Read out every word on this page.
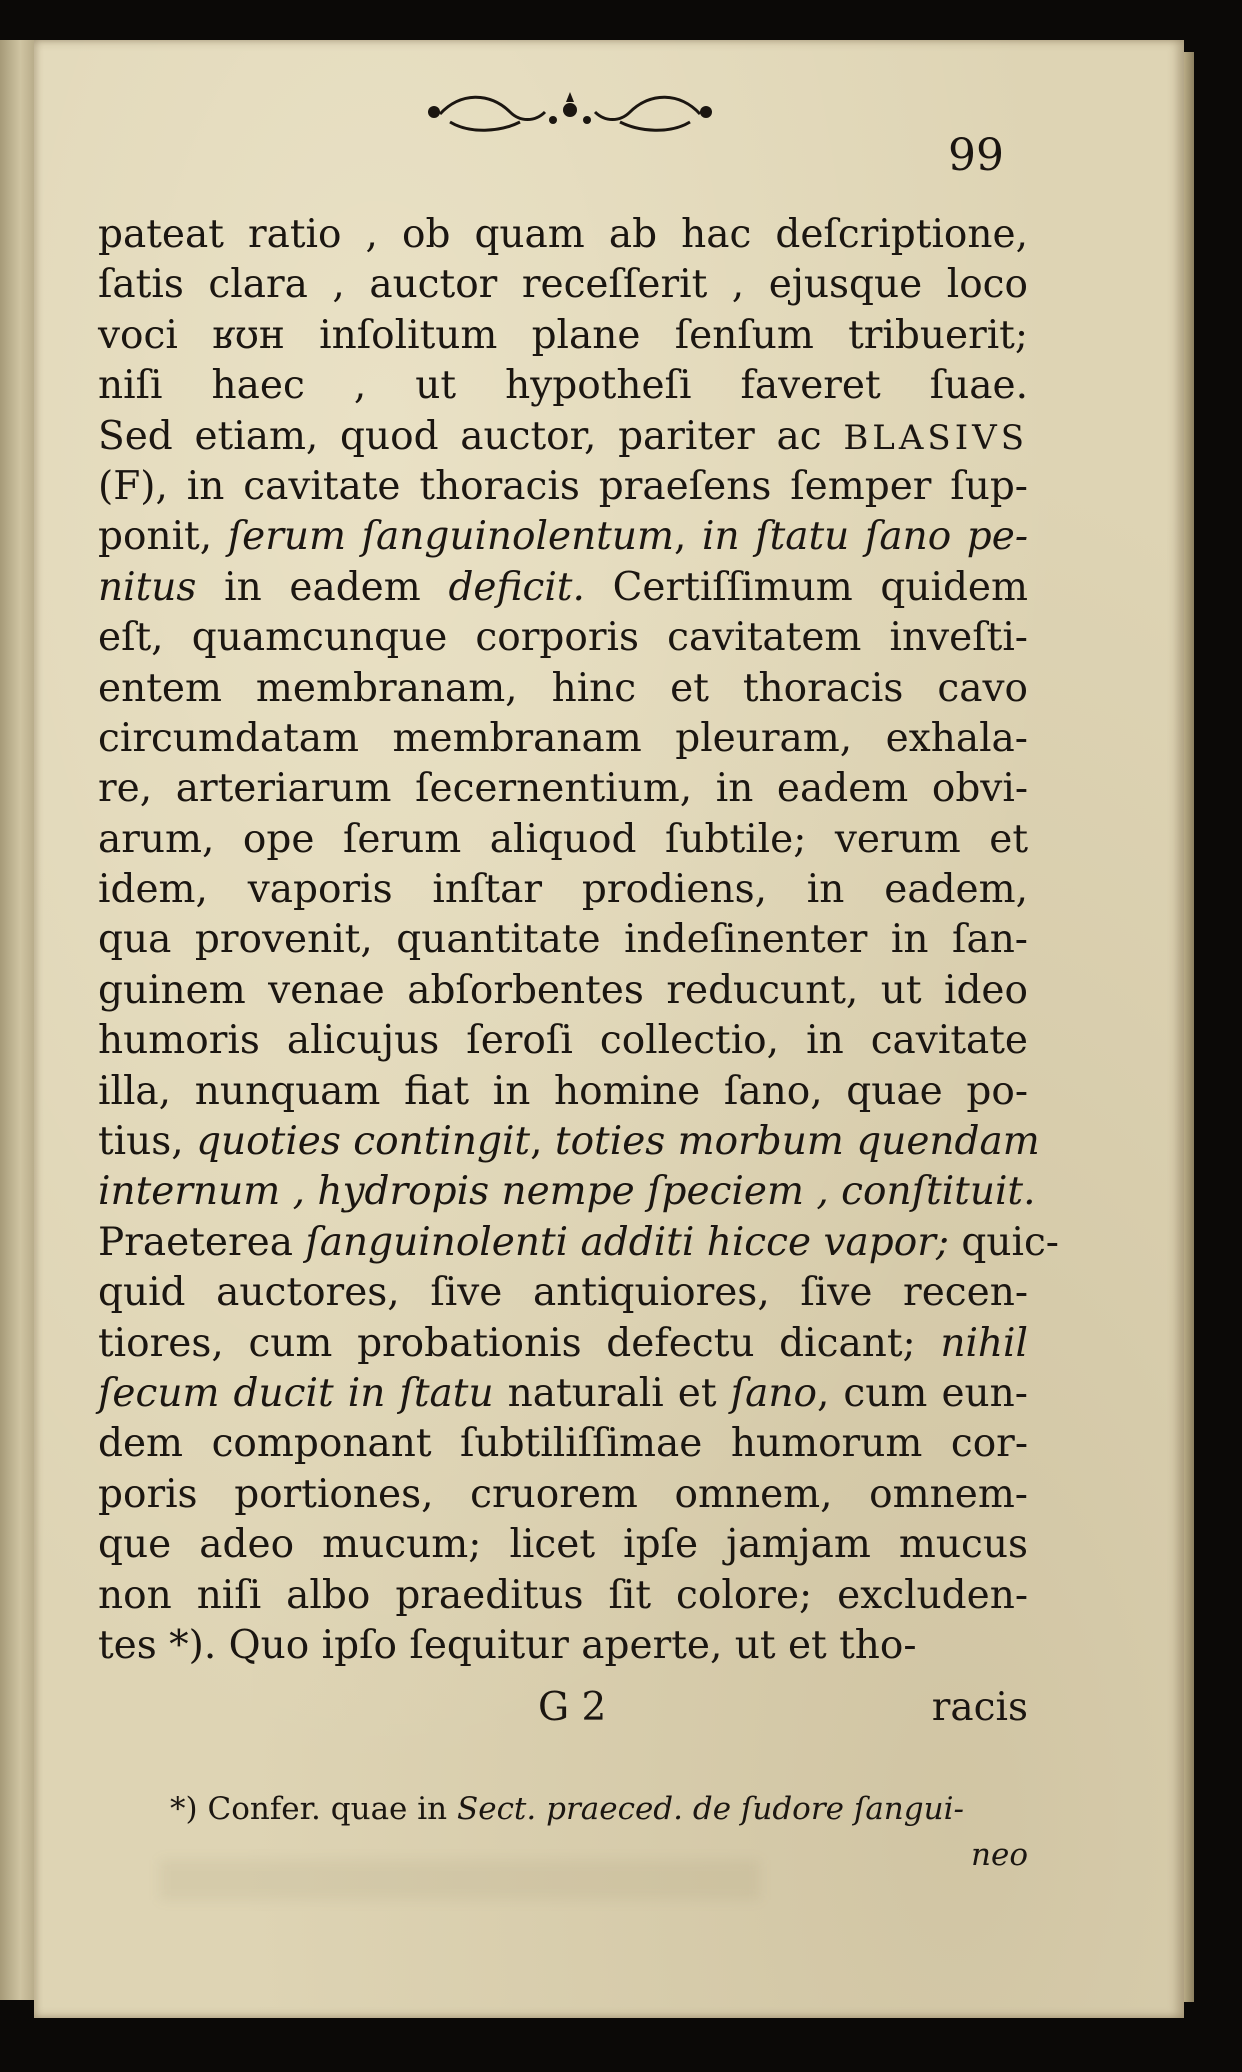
99
pateat ratio , ob quam ab hac deſcriptione,
ſatis clara , auctor receſſerit , ejusque loco
voci ʁʊʜ inſolitum plane ſenſum tribuerit;
niſi haec , ut hypotheſi faveret ſuae.
Sed etiam, quod auctor, pariter ac BLASIVS
(F), in cavitate thoracis praeſens ſemper ſup-
ponit, ſerum ſanguinolentum, in ſtatu ſano pe-
nitus in eadem deficit. Certiſſimum quidem
eſt, quamcunque corporis cavitatem inveſti-
entem membranam, hinc et thoracis cavo
circumdatam membranam pleuram, exhala-
re, arteriarum ſecernentium, in eadem obvi-
arum, ope ſerum aliquod ſubtile; verum et
idem, vaporis inſtar prodiens, in eadem,
qua provenit, quantitate indeſinenter in ſan-
guinem venae abſorbentes reducunt, ut ideo
humoris alicujus ſeroſi collectio, in cavitate
illa, nunquam fiat in homine ſano, quae po-
tius, quoties contingit, toties morbum quendam
internum , hydropis nempe ſpeciem , conſtituit.
Praeterea ſanguinolenti additi hicce vapor; quic-
quid auctores, ſive antiquiores, ſive recen-
tiores, cum probationis defectu dicant; nihil
ſecum ducit in ſtatu naturali et ſano, cum eun-
dem componant ſubtiliſſimae humorum cor-
poris portiones, cruorem omnem, omnem-
que adeo mucum; licet ipſe jamjam mucus
non niſi albo praeditus ſit colore; excluden-
tes *). Quo ipſo ſequitur aperte, ut et tho-
G 2	racis
*) Confer. quae in Sect. praeced. de ſudore ſangui-
neo
